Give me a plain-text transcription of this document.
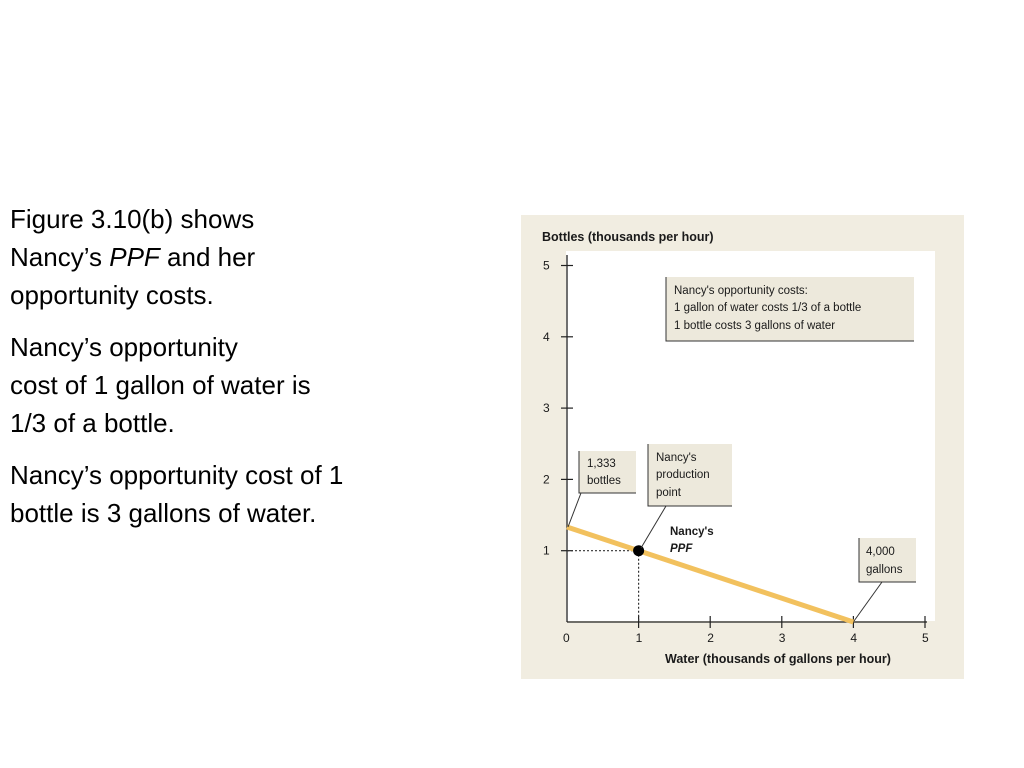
Figure 3.10(b) shows
Nancy’s PPF and her
opportunity costs.

Nancy’s opportunity
cost of 1 gallon of water is
1/3 of a bottle.

Nancy’s opportunity cost of 1
bottle is 3 gallons of water.

Bottles (thousands per hour)
Water (thousands of gallons per hour)
0	1	2	3	4	5
1
2
3
4
5
Nancy's opportunity costs:
1 gallon of water costs 1/3 of a bottle
1 bottle costs 3 gallons of water
1,333
bottles
Nancy's
production
point
Nancy's
PPF	4,000
gallons
